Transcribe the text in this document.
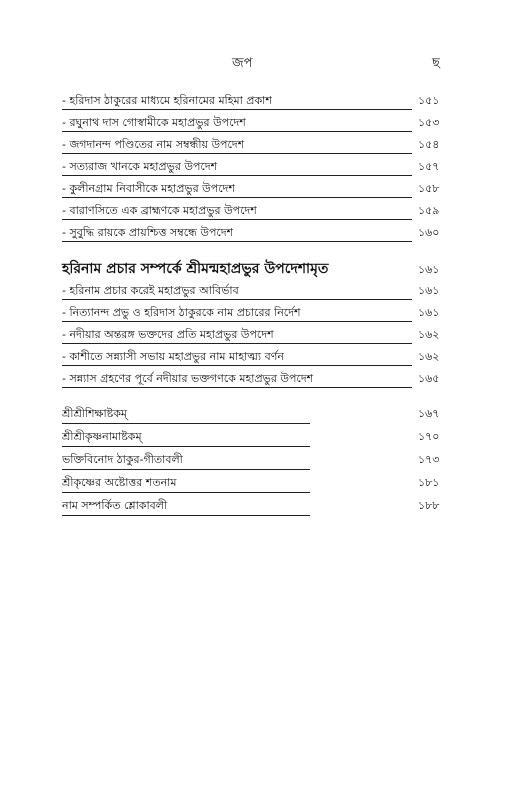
জপ	ছ
- হরিদাস ঠাকুরের মাধ্যমে হরিনামের মহিমা প্রকাশ	১৫১
- রঘুনাথ দাস গোস্বামীকে মহাপ্রভুর উপদেশ	১৫৩
- জগদানন্দ পণ্ডিতের নাম সম্বন্ধীয় উপদেশ	১৫৪
- সত্যরাজ খানকে মহাপ্রভুর উপদেশ	১৫৭
- কুলীনগ্রাম নিবাসীকে মহাপ্রভুর উপদেশ	১৫৮
- বারাণসিতে এক ব্রাহ্মণকে মহাপ্রভুর উপদেশ	১৫৯
- সুবুদ্ধি রায়কে প্রায়শ্চিত্ত সম্বন্ধে উপদেশ	১৬০
হরিনাম প্রচার সম্পর্কে শ্রীমন্মহাপ্রভুর উপদেশামৃত	১৬১
- হরিনাম প্রচার করেই মহাপ্রভুর আবির্ভাব	১৬১
- নিত্যানন্দ প্রভু ও হরিদাস ঠাকুরকে নাম প্রচারের নির্দেশ	১৬১
- নদীয়ার অন্তরঙ্গ ভক্তদের প্রতি মহাপ্রভুর উপদেশ	১৬২
- কাশীতে সন্ন্যাসী সভায় মহাপ্রভুর নাম মাহাত্ম্য বর্ণন	১৬২
- সন্ন্যাস গ্রহণের পূর্বে নদীয়ার ভক্তগণকে মহাপ্রভুর উপদেশ	১৬৫
শ্রীশ্রীশিক্ষাষ্টকম্	১৬৭
শ্রীশ্রীকৃষ্ণনামাষ্টকম্	১৭০
ভক্তিবিনোদ ঠাকুর-গীতাবলী	১৭৩
শ্রীকৃষ্ণের অষ্টোত্তর শতনাম	১৮১
নাম সম্পর্কিত শ্লোকাবলী	১৮৮
